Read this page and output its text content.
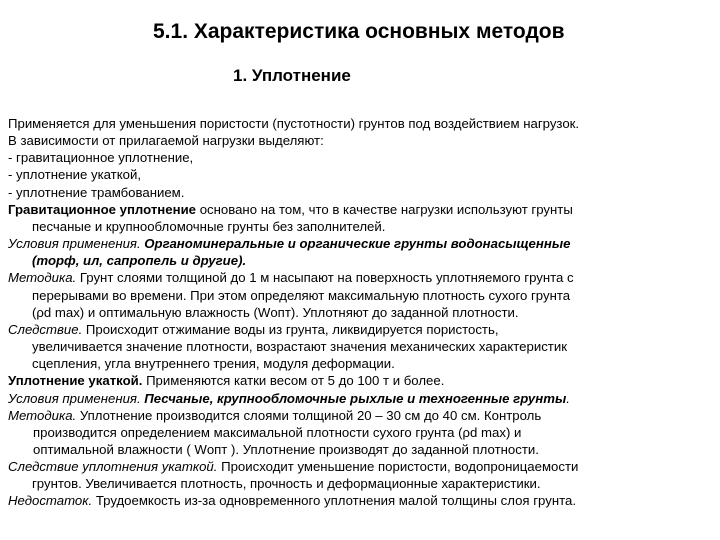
5.1. Характеристика основных методов
1. Уплотнение
Применяется для уменьшения пористости (пустотности) грунтов под воздействием нагрузок.
В зависимости от прилагаемой нагрузки выделяют:
- гравитационное уплотнение,
- уплотнение укаткой,
- уплотнение трамбованием.
Гравитационное уплотнение основано на том, что в качестве нагрузки используют грунты
песчаные и крупнообломочные грунты без заполнителей.
Условия применения. Органоминеральные и органические грунты водонасыщенные
(торф, ил, сапропель и другие).
Методика. Грунт слоями толщиной до 1 м насыпают на поверхность уплотняемого грунта с
перерывами во времени. При этом определяют максимальную плотность сухого грунта
(ρd max) и оптимальную влажность (Wопт). Уплотняют до заданной плотности.
Следствие. Происходит отжимание воды из грунта, ликвидируется пористость,
увеличивается значение плотности, возрастают значения механических характеристик
сцепления, угла внутреннего трения, модуля деформации.
Уплотнение укаткой. Применяются катки весом от 5 до 100 т и более.
Условия применения. Песчаные, крупнообломочные рыхлые и техногенные грунты.
Методика. Уплотнение производится слоями толщиной 20 – 30 см до 40 см. Контроль
производится определением максимальной плотности сухого грунта (ρd max) и
оптимальной влажности ( Wопт ). Уплотнение производят до заданной плотности.
Следствие уплотнения укаткой. Происходит уменьшение пористости, водопроницаемости
грунтов. Увеличивается плотность, прочность и деформационные характеристики.
Недостаток. Трудоемкость из-за одновременного уплотнения малой толщины слоя грунта.
